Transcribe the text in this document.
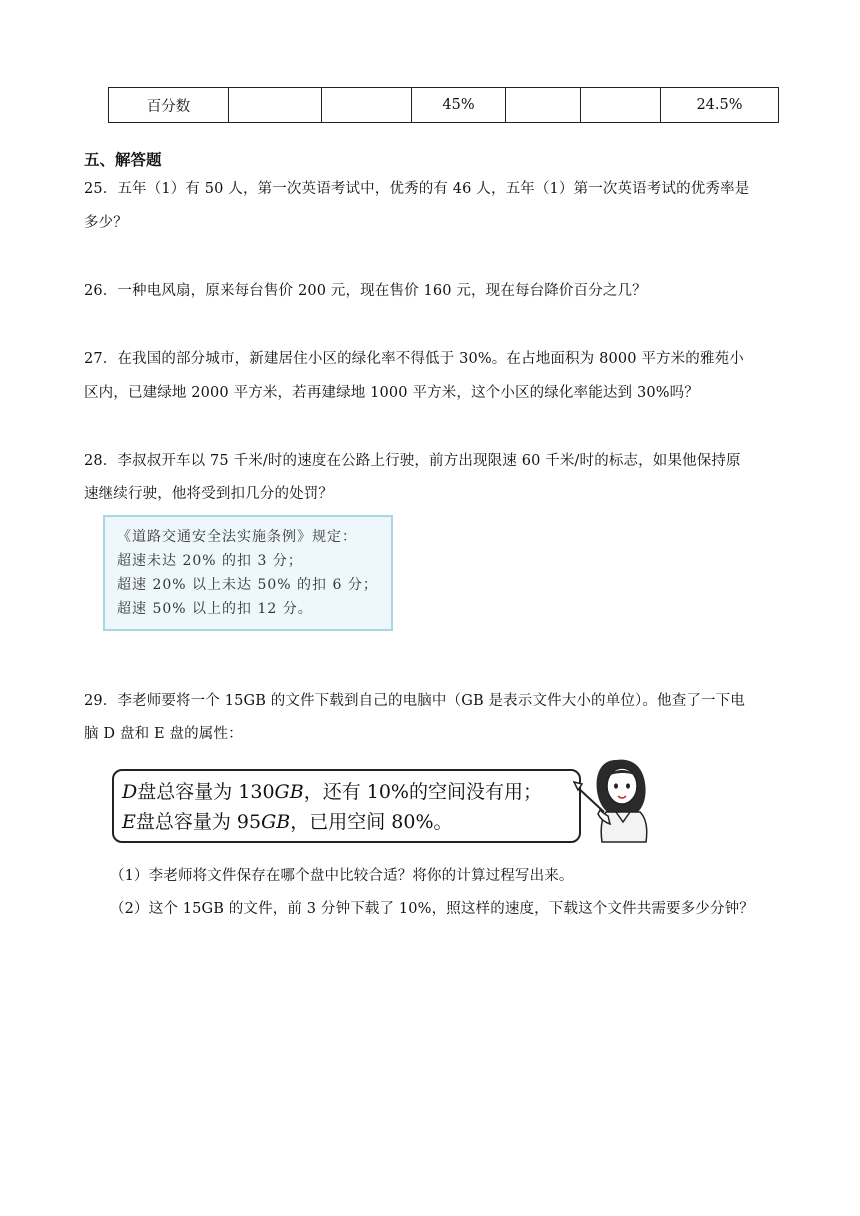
百分数			45%			24.5%
五、解答题
25．五年（1）有 50 人，第一次英语考试中，优秀的有 46 人，五年（1）第一次英语考试的优秀率是
多少？
26．一种电风扇，原来每台售价 200 元，现在售价 160 元，现在每台降价百分之几？
27．在我国的部分城市，新建居住小区的绿化率不得低于 30%。在占地面积为 8000 平方米的雅苑小
区内，已建绿地 2000 平方米，若再建绿地 1000 平方米，这个小区的绿化率能达到 30%吗？
28．李叔叔开车以 75 千米/时的速度在公路上行驶，前方出现限速 60 千米/时的标志，如果他保持原
速继续行驶，他将受到扣几分的处罚？
《道路交通安全法实施条例》规定：
超速未达 20% 的扣 3 分；
超速 20% 以上未达 50% 的扣 6 分；
超速 50% 以上的扣 12 分。
29．李老师要将一个 15GB 的文件下载到自己的电脑中（GB 是表示文件大小的单位）。他查了一下电
脑 D 盘和 E 盘的属性：
D盘总容量为 130GB，还有 10%的空间没有用；
E盘总容量为 95GB，已用空间 80%。
（1）李老师将文件保存在哪个盘中比较合适？将你的计算过程写出来。
（2）这个 15GB 的文件，前 3 分钟下载了 10%，照这样的速度，下载这个文件共需要多少分钟？
